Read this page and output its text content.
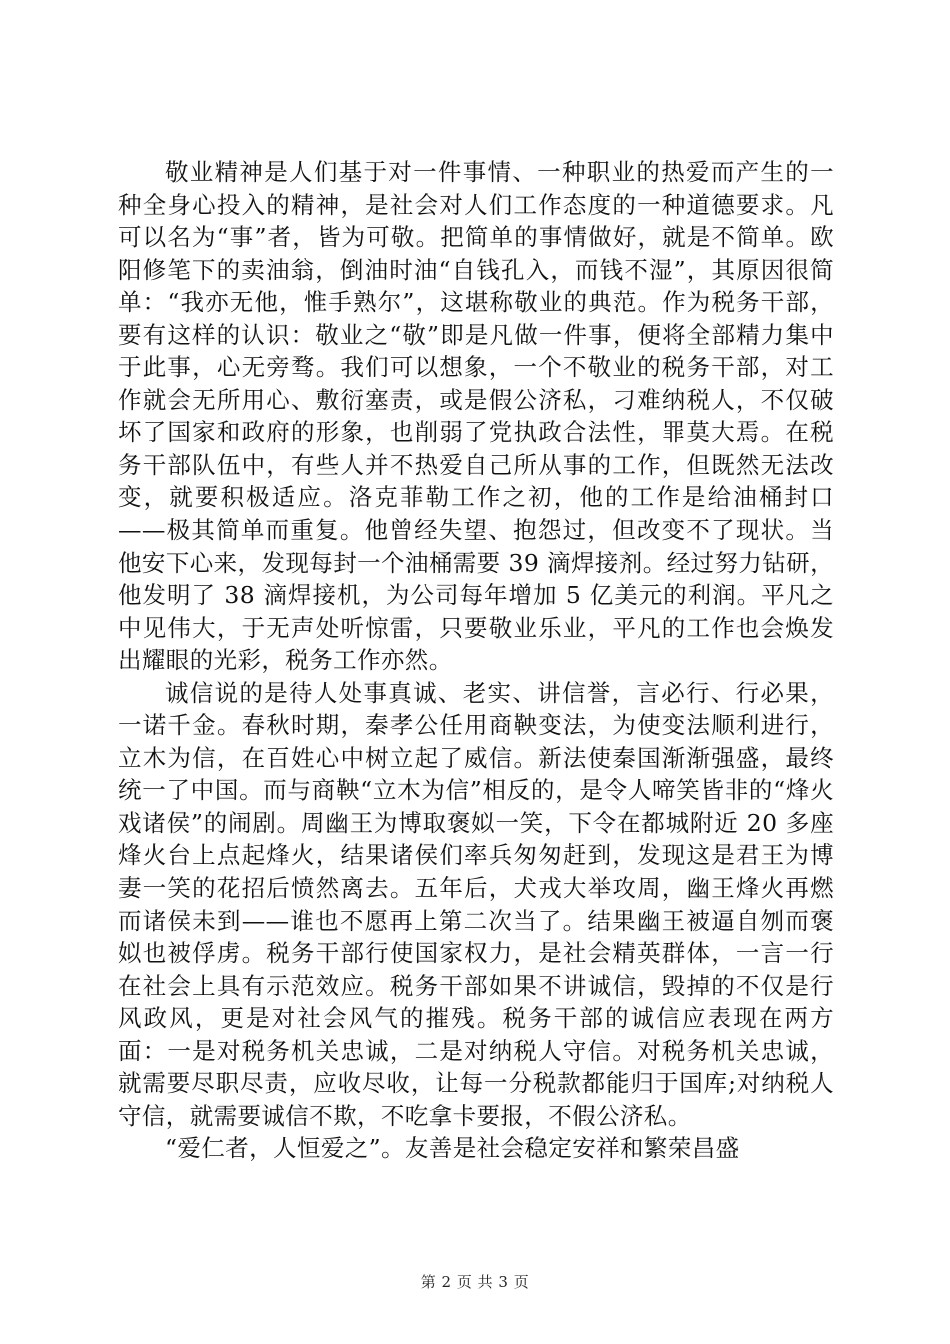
敬业精神是人们基于对一件事情、一种职业的热爱而产生的一种全身心投入的精神，是社会对人们工作态度的一种道德要求。凡可以名为“事”者，皆为可敬。把简单的事情做好，就是不简单。欧阳修笔下的卖油翁，倒油时油“自钱孔入，而钱不湿”，其原因很简单：“我亦无他，惟手熟尔”，这堪称敬业的典范。作为税务干部，要有这样的认识：敬业之“敬”即是凡做一件事，便将全部精力集中于此事，心无旁骛。我们可以想象，一个不敬业的税务干部，对工作就会无所用心、敷衍塞责，或是假公济私，刁难纳税人，不仅破坏了国家和政府的形象，也削弱了党执政合法性，罪莫大焉。在税务干部队伍中，有些人并不热爱自己所从事的工作，但既然无法改变，就要积极适应。洛克菲勒工作之初，他的工作是给油桶封口——极其简单而重复。他曾经失望、抱怨过，但改变不了现状。当他安下心来，发现每封一个油桶需要 39 滴焊接剂。经过努力钻研，他发明了 38 滴焊接机，为公司每年增加 5 亿美元的利润。平凡之中见伟大，于无声处听惊雷，只要敬业乐业，平凡的工作也会焕发出耀眼的光彩，税务工作亦然。

诚信说的是待人处事真诚、老实、讲信誉，言必行、行必果，一诺千金。春秋时期，秦孝公任用商鞅变法，为使变法顺利进行，立木为信，在百姓心中树立起了威信。新法使秦国渐渐强盛，最终统一了中国。而与商鞅“立木为信”相反的，是令人啼笑皆非的“烽火戏诸侯”的闹剧。周幽王为博取褒姒一笑，下令在都城附近 20 多座烽火台上点起烽火，结果诸侯们率兵匆匆赶到，发现这是君王为博妻一笑的花招后愤然离去。五年后，犬戎大举攻周，幽王烽火再燃而诸侯未到——谁也不愿再上第二次当了。结果幽王被逼自刎而褒姒也被俘虏。税务干部行使国家权力，是社会精英群体，一言一行在社会上具有示范效应。税务干部如果不讲诚信，毁掉的不仅是行风政风，更是对社会风气的摧残。税务干部的诚信应表现在两方面：一是对税务机关忠诚，二是对纳税人守信。对税务机关忠诚，就需要尽职尽责，应收尽收，让每一分税款都能归于国库;对纳税人守信，就需要诚信不欺，不吃拿卡要报，不假公济私。

“爱仁者，人恒爱之”。友善是社会稳定安祥和繁荣昌盛

第 2 页 共 3 页
